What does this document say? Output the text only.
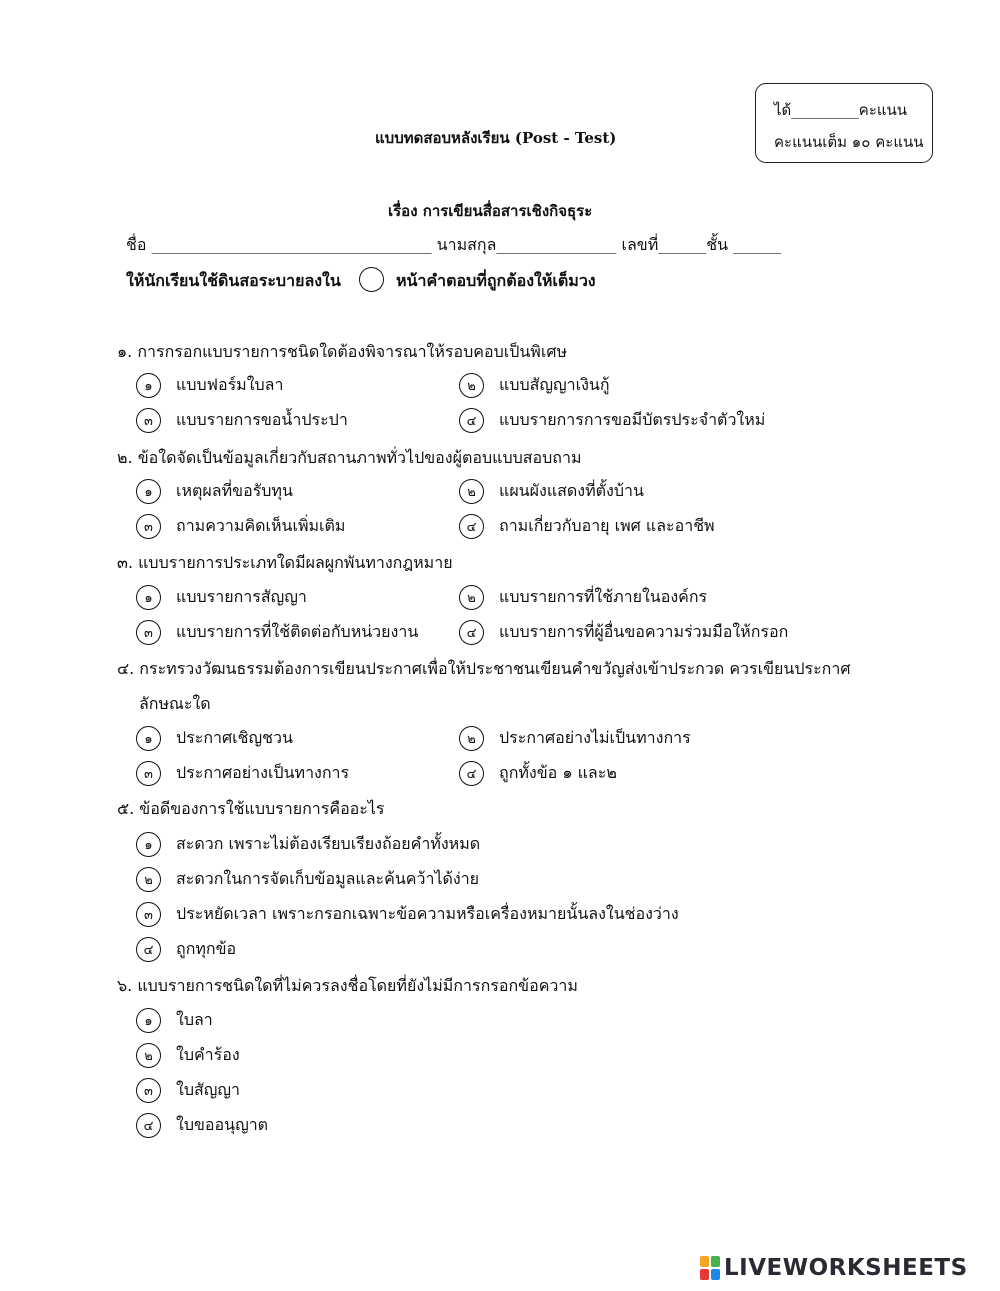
ได้_________คะแนน
คะแนนเต็ม ๑๐ คะแนน
แบบทดสอบหลังเรียน (Post - Test)
เรื่อง การเขียนสื่อสารเชิงกิจธุระ
ชื่อ ___________________________________ นามสกุล_______________ เลขที่______ชั้น ______
ให้นักเรียนใช้ดินสอระบายลงใน	หน้าคำตอบที่ถูกต้องให้เต็มวง
๑. การกรอกแบบรายการชนิดใดต้องพิจารณาให้รอบคอบเป็นพิเศษ
๑	แบบฟอร์มใบลา	๒	แบบสัญญาเงินกู้
๓	แบบรายการขอน้ำประปา	๔	แบบรายการการขอมีบัตรประจำตัวใหม่
๒. ข้อใดจัดเป็นข้อมูลเกี่ยวกับสถานภาพทั่วไปของผู้ตอบแบบสอบถาม
๑	เหตุผลที่ขอรับทุน	๒	แผนผังแสดงที่ตั้งบ้าน
๓	ถามความคิดเห็นเพิ่มเติม	๔	ถามเกี่ยวกับอายุ เพศ และอาชีพ
๓. แบบรายการประเภทใดมีผลผูกพันทางกฎหมาย
๑	แบบรายการสัญญา	๒	แบบรายการที่ใช้ภายในองค์กร
๓	แบบรายการที่ใช้ติดต่อกับหน่วยงาน	๔	แบบรายการที่ผู้อื่นขอความร่วมมือให้กรอก
๔. กระทรวงวัฒนธรรมต้องการเขียนประกาศเพื่อให้ประชาชนเขียนคำขวัญส่งเข้าประกวด ควรเขียนประกาศ
ลักษณะใด
๑	ประกาศเชิญชวน	๒	ประกาศอย่างไม่เป็นทางการ
๓	ประกาศอย่างเป็นทางการ	๔	ถูกทั้งข้อ ๑ และ๒
๕. ข้อดีของการใช้แบบรายการคืออะไร
๑	สะดวก เพราะไม่ต้องเรียบเรียงถ้อยคำทั้งหมด
๒	สะดวกในการจัดเก็บข้อมูลและค้นคว้าได้ง่าย
๓	ประหยัดเวลา เพราะกรอกเฉพาะข้อความหรือเครื่องหมายนั้นลงในช่องว่าง
๔	ถูกทุกข้อ
๖. แบบรายการชนิดใดที่ไม่ควรลงชื่อโดยที่ยังไม่มีการกรอกข้อความ
๑	ใบลา
๒	ใบคำร้อง
๓	ใบสัญญา
๔	ใบขออนุญาต
LIVEWORKSHEETS
